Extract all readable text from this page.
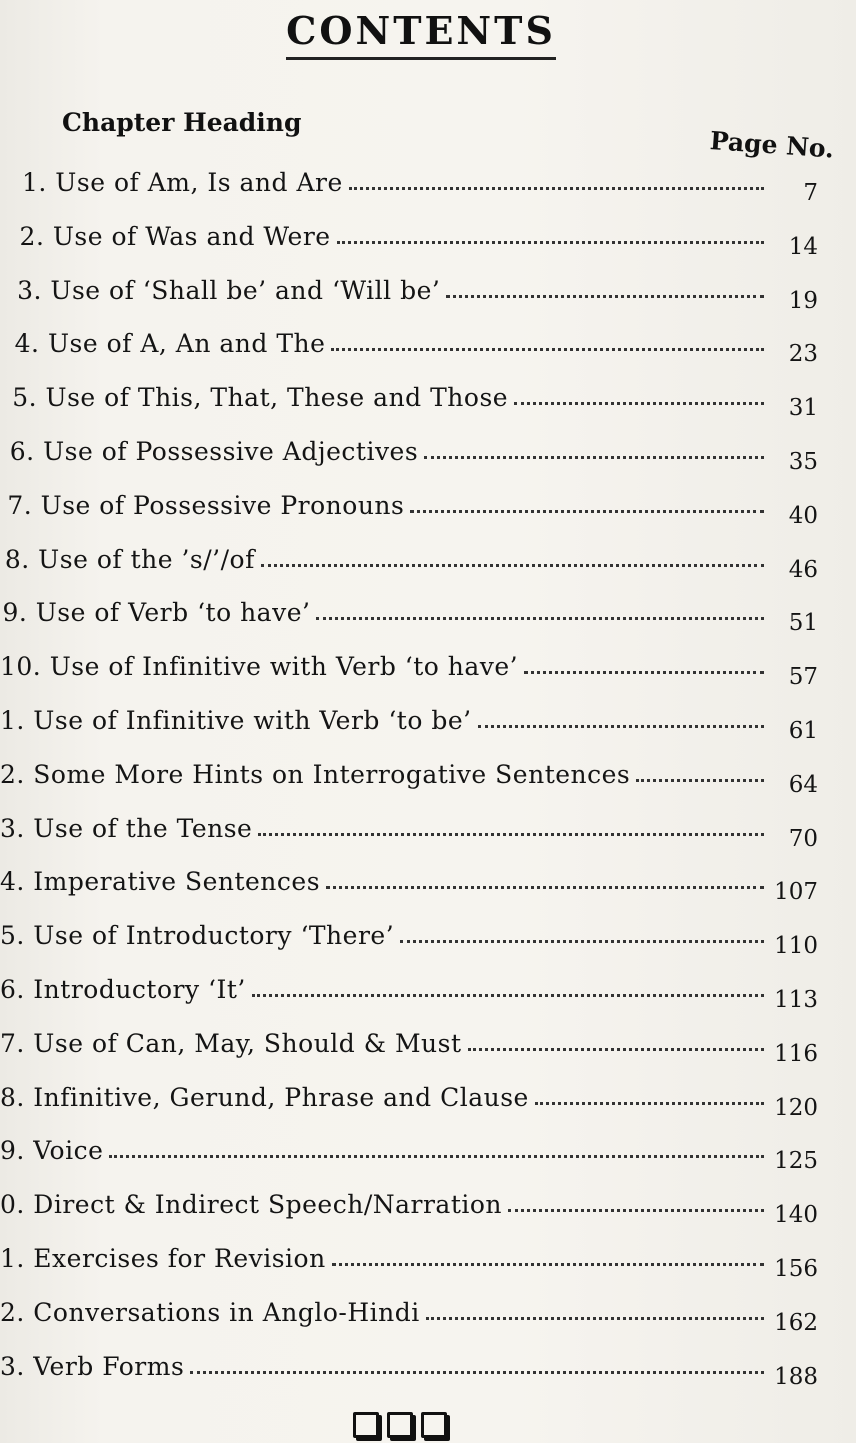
CONTENTS
Chapter Heading
Page No.
1. Use of Am, Is and Are	7
2. Use of Was and Were	14
3. Use of ‘Shall be’ and ‘Will be’	19
4. Use of A, An and The	23
5. Use of This, That, These and Those	31
6. Use of Possessive Adjectives	35
7. Use of Possessive Pronouns	40
8. Use of the ’s/’/of	46
9. Use of Verb ‘to have’	51
10. Use of Infinitive with Verb ‘to have’	57
1. Use of Infinitive with Verb ‘to be’	61
2. Some More Hints on Interrogative Sentences	64
3. Use of the Tense	70
4. Imperative Sentences	107
5. Use of Introductory ‘There’	110
6. Introductory ‘It’	113
7. Use of Can, May, Should & Must	116
8. Infinitive, Gerund, Phrase and Clause	120
9. Voice	125
0. Direct & Indirect Speech/Narration	140
1. Exercises for Revision	156
2. Conversations in Anglo-Hindi	162
3. Verb Forms	188
